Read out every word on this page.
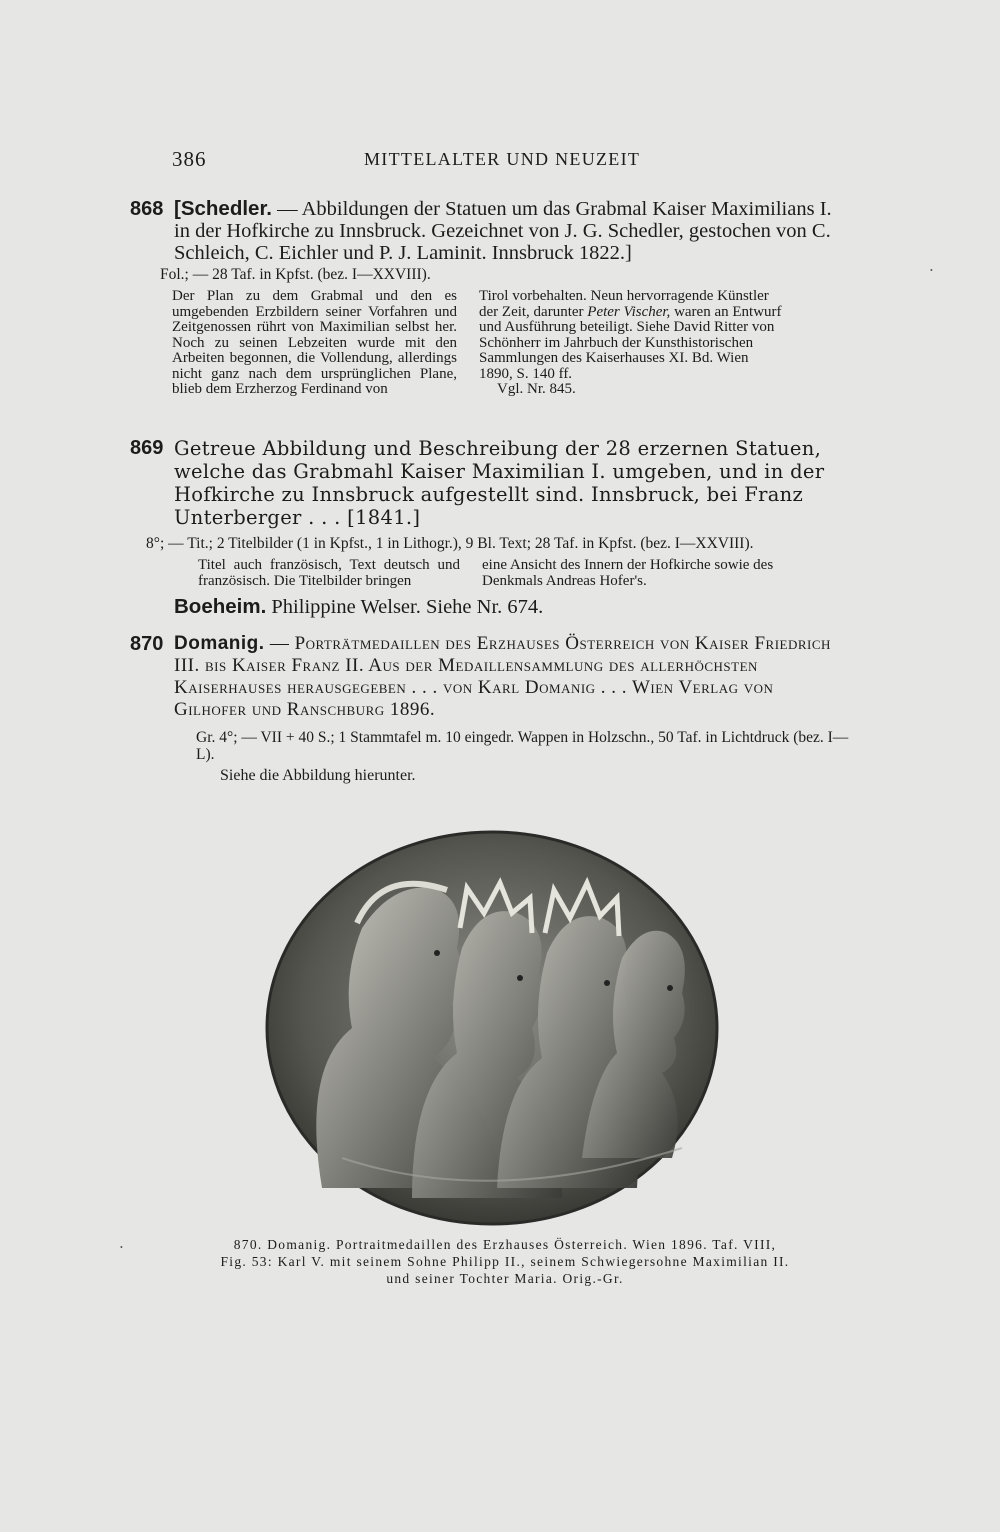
386	MITTELALTER UND NEUZEIT
868 [Schedler. — Abbildungen der Statuen um das Grabmal Kaiser Maximilians I. in der Hofkirche zu Innsbruck. Gezeichnet von J. G. Schedler, gestochen von C. Schleich, C. Eichler und P. J. Laminit. Innsbruck 1822.]
Fol.; — 28 Taf. in Kpfst. (bez. I—XXVIII).
Der Plan zu dem Grabmal und den es umgebenden Erzbildern seiner Vorfahren und Zeitgenossen rührt von Maximilian selbst her. Noch zu seinen Lebzeiten wurde mit den Arbeiten begonnen, die Vollendung, allerdings nicht ganz nach dem ursprünglichen Plane, blieb dem Erzherzog Ferdinand von
Tirol vorbehalten. Neun hervorragende Künstler der Zeit, darunter Peter Vischer, waren an Entwurf und Ausführung beteiligt. Siehe David Ritter von Schönherr im Jahrbuch der Kunsthistorischen Sammlungen des Kaiserhauses XI. Bd. Wien 1890, S. 140 ff.
Vgl. Nr. 845.
869 Getreue Abbildung und Beschreibung der 28 erzernen Statuen, welche das Grabmahl Kaiser Maximilian I. umgeben, und in der Hofkirche zu Innsbruck aufgestellt sind. Innsbruck, bei Franz Unterberger . . . [1841.]
8°; — Tit.; 2 Titelbilder (1 in Kpfst., 1 in Lithogr.), 9 Bl. Text; 28 Taf. in Kpfst. (bez. I—XXVIII).
Titel auch französisch, Text deutsch und französisch. Die Titelbilder bringen
eine Ansicht des Innern der Hofkirche sowie des Denkmals Andreas Hofer's.
Boeheim. Philippine Welser. Siehe Nr. 674.
870 Domanig. — Porträtmedaillen des Erzhauses Österreich von Kaiser Friedrich III. bis Kaiser Franz II. Aus der Medaillensammlung des allerhöchsten Kaiserhauses herausgegeben . . . von Karl Domanig . . . Wien Verlag von Gilhofer und Ranschburg 1896.
Gr. 4°; — VII + 40 S.; 1 Stammtafel m. 10 eingedr. Wappen in Holzschn., 50 Taf. in Lichtdruck (bez. I—L).
Siehe die Abbildung hierunter.
870. Domanig. Portraitmedaillen des Erzhauses Österreich. Wien 1896. Taf. VIII,
Fig. 53: Karl V. mit seinem Sohne Philipp II., seinem Schwiegersohne Maximilian II.
und seiner Tochter Maria. Orig.-Gr.
•
•
